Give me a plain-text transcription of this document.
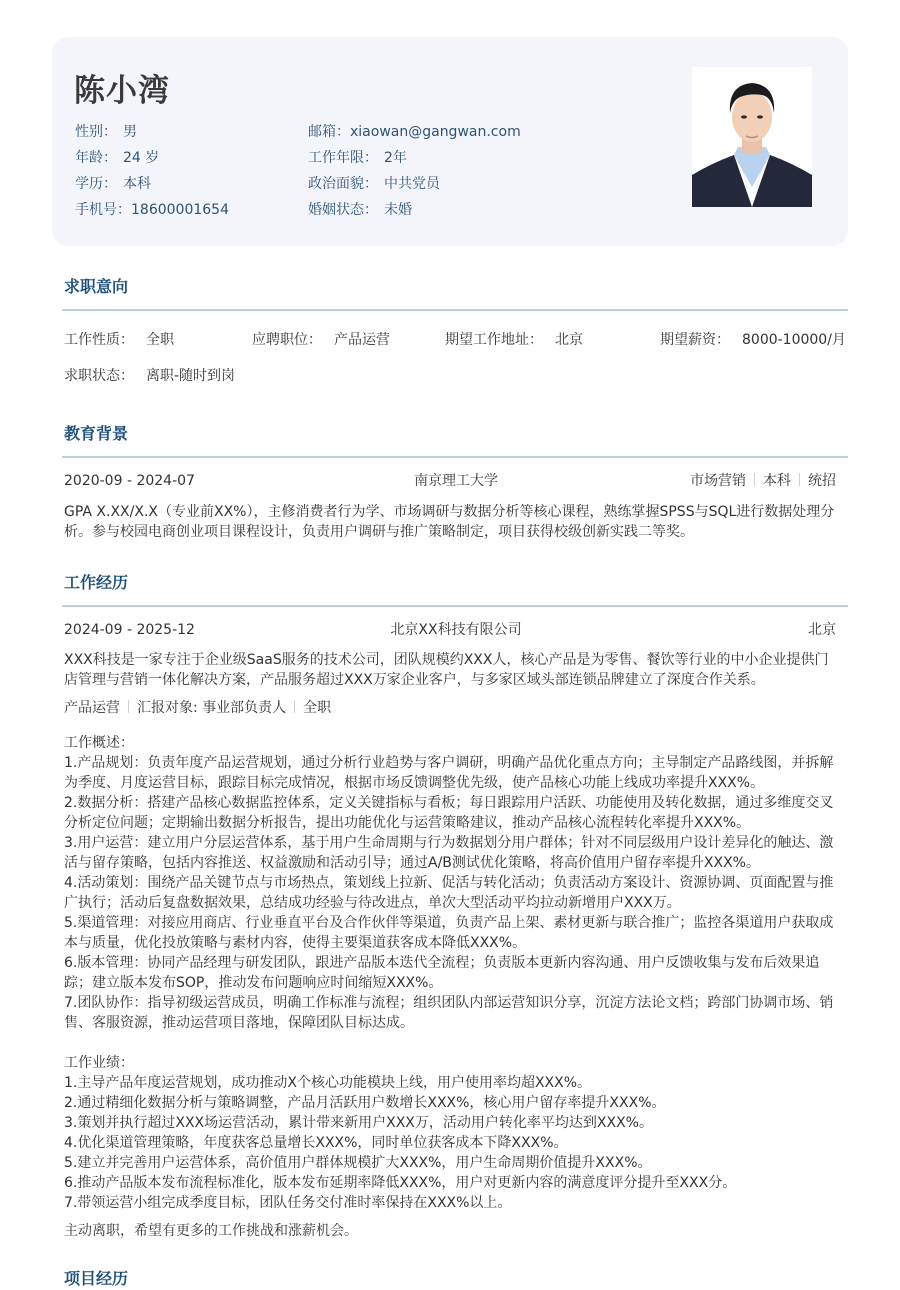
陈小湾
性别： 男
年龄： 24 岁
学历： 本科
手机号：18600001654
邮箱：xiaowan@gangwan.com
工作年限： 2年
政治面貌： 中共党员
婚姻状态： 未婚
求职意向
工作性质： 全职	应聘职位： 产品运营	期望工作地址： 北京	期望薪资： 8000-10000/月
求职状态： 离职-随时到岗
教育背景
2020-09 - 2024-07	南京理工大学	市场营销 本科 统招
GPA X.XX/X.X（专业前XX%），主修消费者行为学、市场调研与数据分析等核心课程，熟练掌握SPSS与SQL进行数据处理分析。参与校园电商创业项目课程设计，负责用户调研与推广策略制定，项目获得校级创新实践二等奖。
工作经历
2024-09 - 2025-12	北京XX科技有限公司	北京
XXX科技是一家专注于企业级SaaS服务的技术公司，团队规模约XXX人，核心产品是为零售、餐饮等行业的中小企业提供门店管理与营销一体化解决方案，产品服务超过XXX万家企业客户，与多家区域头部连锁品牌建立了深度合作关系。
产品运营 汇报对象: 事业部负责人 全职
工作概述：
1.产品规划：负责年度产品运营规划，通过分析行业趋势与客户调研，明确产品优化重点方向；主导制定产品路线图，并拆解为季度、月度运营目标，跟踪目标完成情况，根据市场反馈调整优先级，使产品核心功能上线成功率提升XXX%。
2.数据分析：搭建产品核心数据监控体系，定义关键指标与看板；每日跟踪用户活跃、功能使用及转化数据，通过多维度交叉分析定位问题；定期输出数据分析报告，提出功能优化与运营策略建议，推动产品核心流程转化率提升XXX%。
3.用户运营：建立用户分层运营体系，基于用户生命周期与行为数据划分用户群体；针对不同层级用户设计差异化的触达、激活与留存策略，包括内容推送、权益激励和活动引导；通过A/B测试优化策略，将高价值用户留存率提升XXX%。
4.活动策划：围绕产品关键节点与市场热点，策划线上拉新、促活与转化活动；负责活动方案设计、资源协调、页面配置与推广执行；活动后复盘数据效果，总结成功经验与待改进点，单次大型活动平均拉动新增用户XXX万。
5.渠道管理：对接应用商店、行业垂直平台及合作伙伴等渠道，负责产品上架、素材更新与联合推广；监控各渠道用户获取成本与质量，优化投放策略与素材内容，使得主要渠道获客成本降低XXX%。
6.版本管理：协同产品经理与研发团队，跟进产品版本迭代全流程；负责版本更新内容沟通、用户反馈收集与发布后效果追踪；建立版本发布SOP，推动发布问题响应时间缩短XXX%。
7.团队协作：指导初级运营成员，明确工作标准与流程；组织团队内部运营知识分享，沉淀方法论文档；跨部门协调市场、销售、客服资源，推动运营项目落地，保障团队目标达成。
工作业绩：
1.主导产品年度运营规划，成功推动X个核心功能模块上线，用户使用率均超XXX%。
2.通过精细化数据分析与策略调整，产品月活跃用户数增长XXX%，核心用户留存率提升XXX%。
3.策划并执行超过XXX场运营活动，累计带来新用户XXX万，活动用户转化率平均达到XXX%。
4.优化渠道管理策略，年度获客总量增长XXX%，同时单位获客成本下降XXX%。
5.建立并完善用户运营体系，高价值用户群体规模扩大XXX%，用户生命周期价值提升XXX%。
6.推动产品版本发布流程标准化，版本发布延期率降低XXX%，用户对更新内容的满意度评分提升至XXX分。
7.带领运营小组完成季度目标，团队任务交付准时率保持在XXX%以上。
主动离职，希望有更多的工作挑战和涨薪机会。
项目经历
